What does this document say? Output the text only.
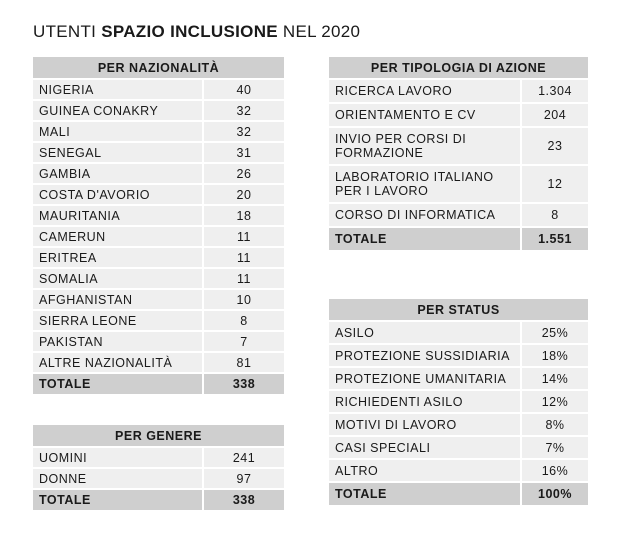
UTENTI SPAZIO INCLUSIONE NEL 2020
PER NAZIONALITÀ	
NIGERIA	40
GUINEA CONAKRY	32
MALI	32
SENEGAL	31
GAMBIA	26
COSTA D'AVORIO	20
MAURITANIA	18
CAMERUN	11
ERITREA	11
SOMALIA	11
AFGHANISTAN	10
SIERRA LEONE	8
PAKISTAN	7
ALTRE NAZIONALITÀ	81
TOTALE	338
PER GENERE	
UOMINI	241
DONNE	97
TOTALE	338
PER TIPOLOGIA DI AZIONE	
RICERCA LAVORO	1.304
ORIENTAMENTO E CV	204
INVIO PER CORSI DI FORMAZIONE	23
LABORATORIO ITALIANO PER I LAVORO	12
CORSO DI INFORMATICA	8
TOTALE	1.551
PER STATUS	
ASILO	25%
PROTEZIONE SUSSIDIARIA	18%
PROTEZIONE UMANITARIA	14%
RICHIEDENTI ASILO	12%
MOTIVI DI LAVORO	8%
CASI SPECIALI	7%
ALTRO	16%
TOTALE	100%
